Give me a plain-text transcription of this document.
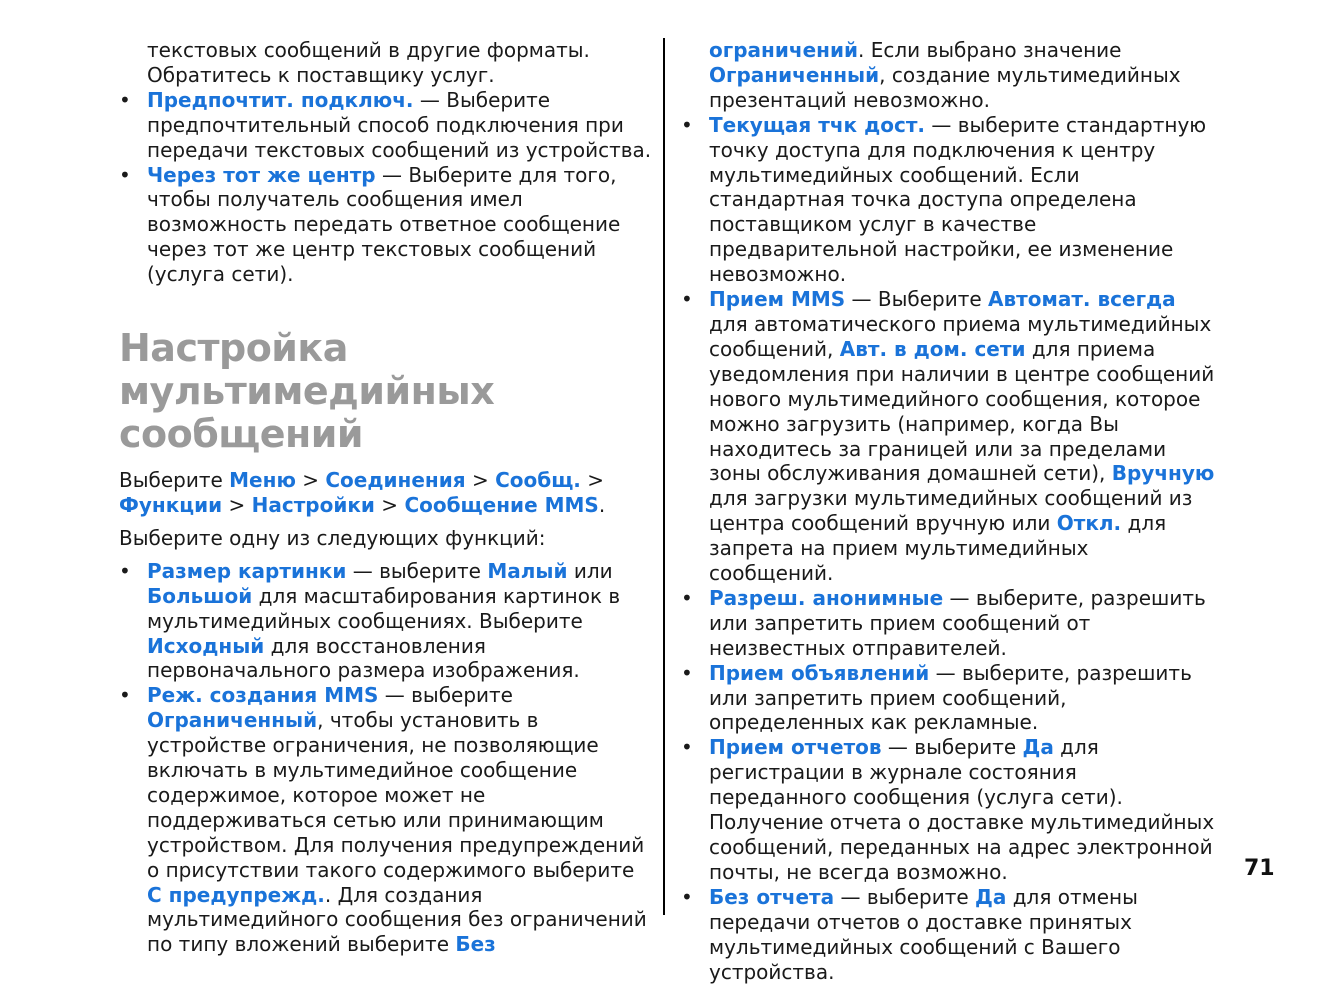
текстовых сообщений в другие форматы. Обратитесь к поставщику услуг.

• Предпочтит. подключ. — Выберите предпочтительный способ подключения при передачи текстовых сообщений из устройства.
• Через тот же центр — Выберите для того, чтобы получатель сообщения имел возможность передать ответное сообщение через тот же центр текстовых сообщений (услуга сети).
Настройка мультимедийных сообщений

Выберите Меню > Соединения > Сообщ. > Функции > Настройки > Сообщение MMS.

Выберите одну из следующих функций:

• Размер картинки — выберите Малый или Большой для масштабирования картинок в мультимедийных сообщениях. Выберите Исходный для восстановления первоначального размера изображения.
• Реж. создания MMS — выберите Ограниченный, чтобы установить в устройстве ограничения, не позволяющие включать в мультимедийное сообщение содержимое, которое может не поддерживаться сетью или принимающим устройством. Для получения предупреждений о присутствии такого содержимого выберите С предупрежд.. Для создания мультимедийного сообщения без ограничений по типу вложений выберите Без

ограничений. Если выбрано значение Ограниченный, создание мультимедийных презентаций невозможно.

• Текущая тчк дост. — выберите стандартную точку доступа для подключения к центру мультимедийных сообщений. Если стандартная точка доступа определена поставщиком услуг в качестве предварительной настройки, ее изменение невозможно.
• Прием MMS — Выберите Автомат. всегда для автоматического приема мультимедийных сообщений, Авт. в дом. сети для приема уведомления при наличии в центре сообщений нового мультимедийного сообщения, которое можно загрузить (например, когда Вы находитесь за границей или за пределами зоны обслуживания домашней сети), Вручную для загрузки мультимедийных сообщений из центра сообщений вручную или Откл. для запрета на прием мультимедийных сообщений.
• Разреш. анонимные — выберите, разрешить или запретить прием сообщений от неизвестных отправителей.
• Прием объявлений — выберите, разрешить или запретить прием сообщений, определенных как рекламные.
• Прием отчетов — выберите Да для регистрации в журнале состояния переданного сообщения (услуга сети). Получение отчета о доставке мультимедийных сообщений, переданных на адрес электронной почты, не всегда возможно.
• Без отчета — выберите Да для отмены передачи отчетов о доставке принятых мультимедийных сообщений с Вашего устройства.
71
